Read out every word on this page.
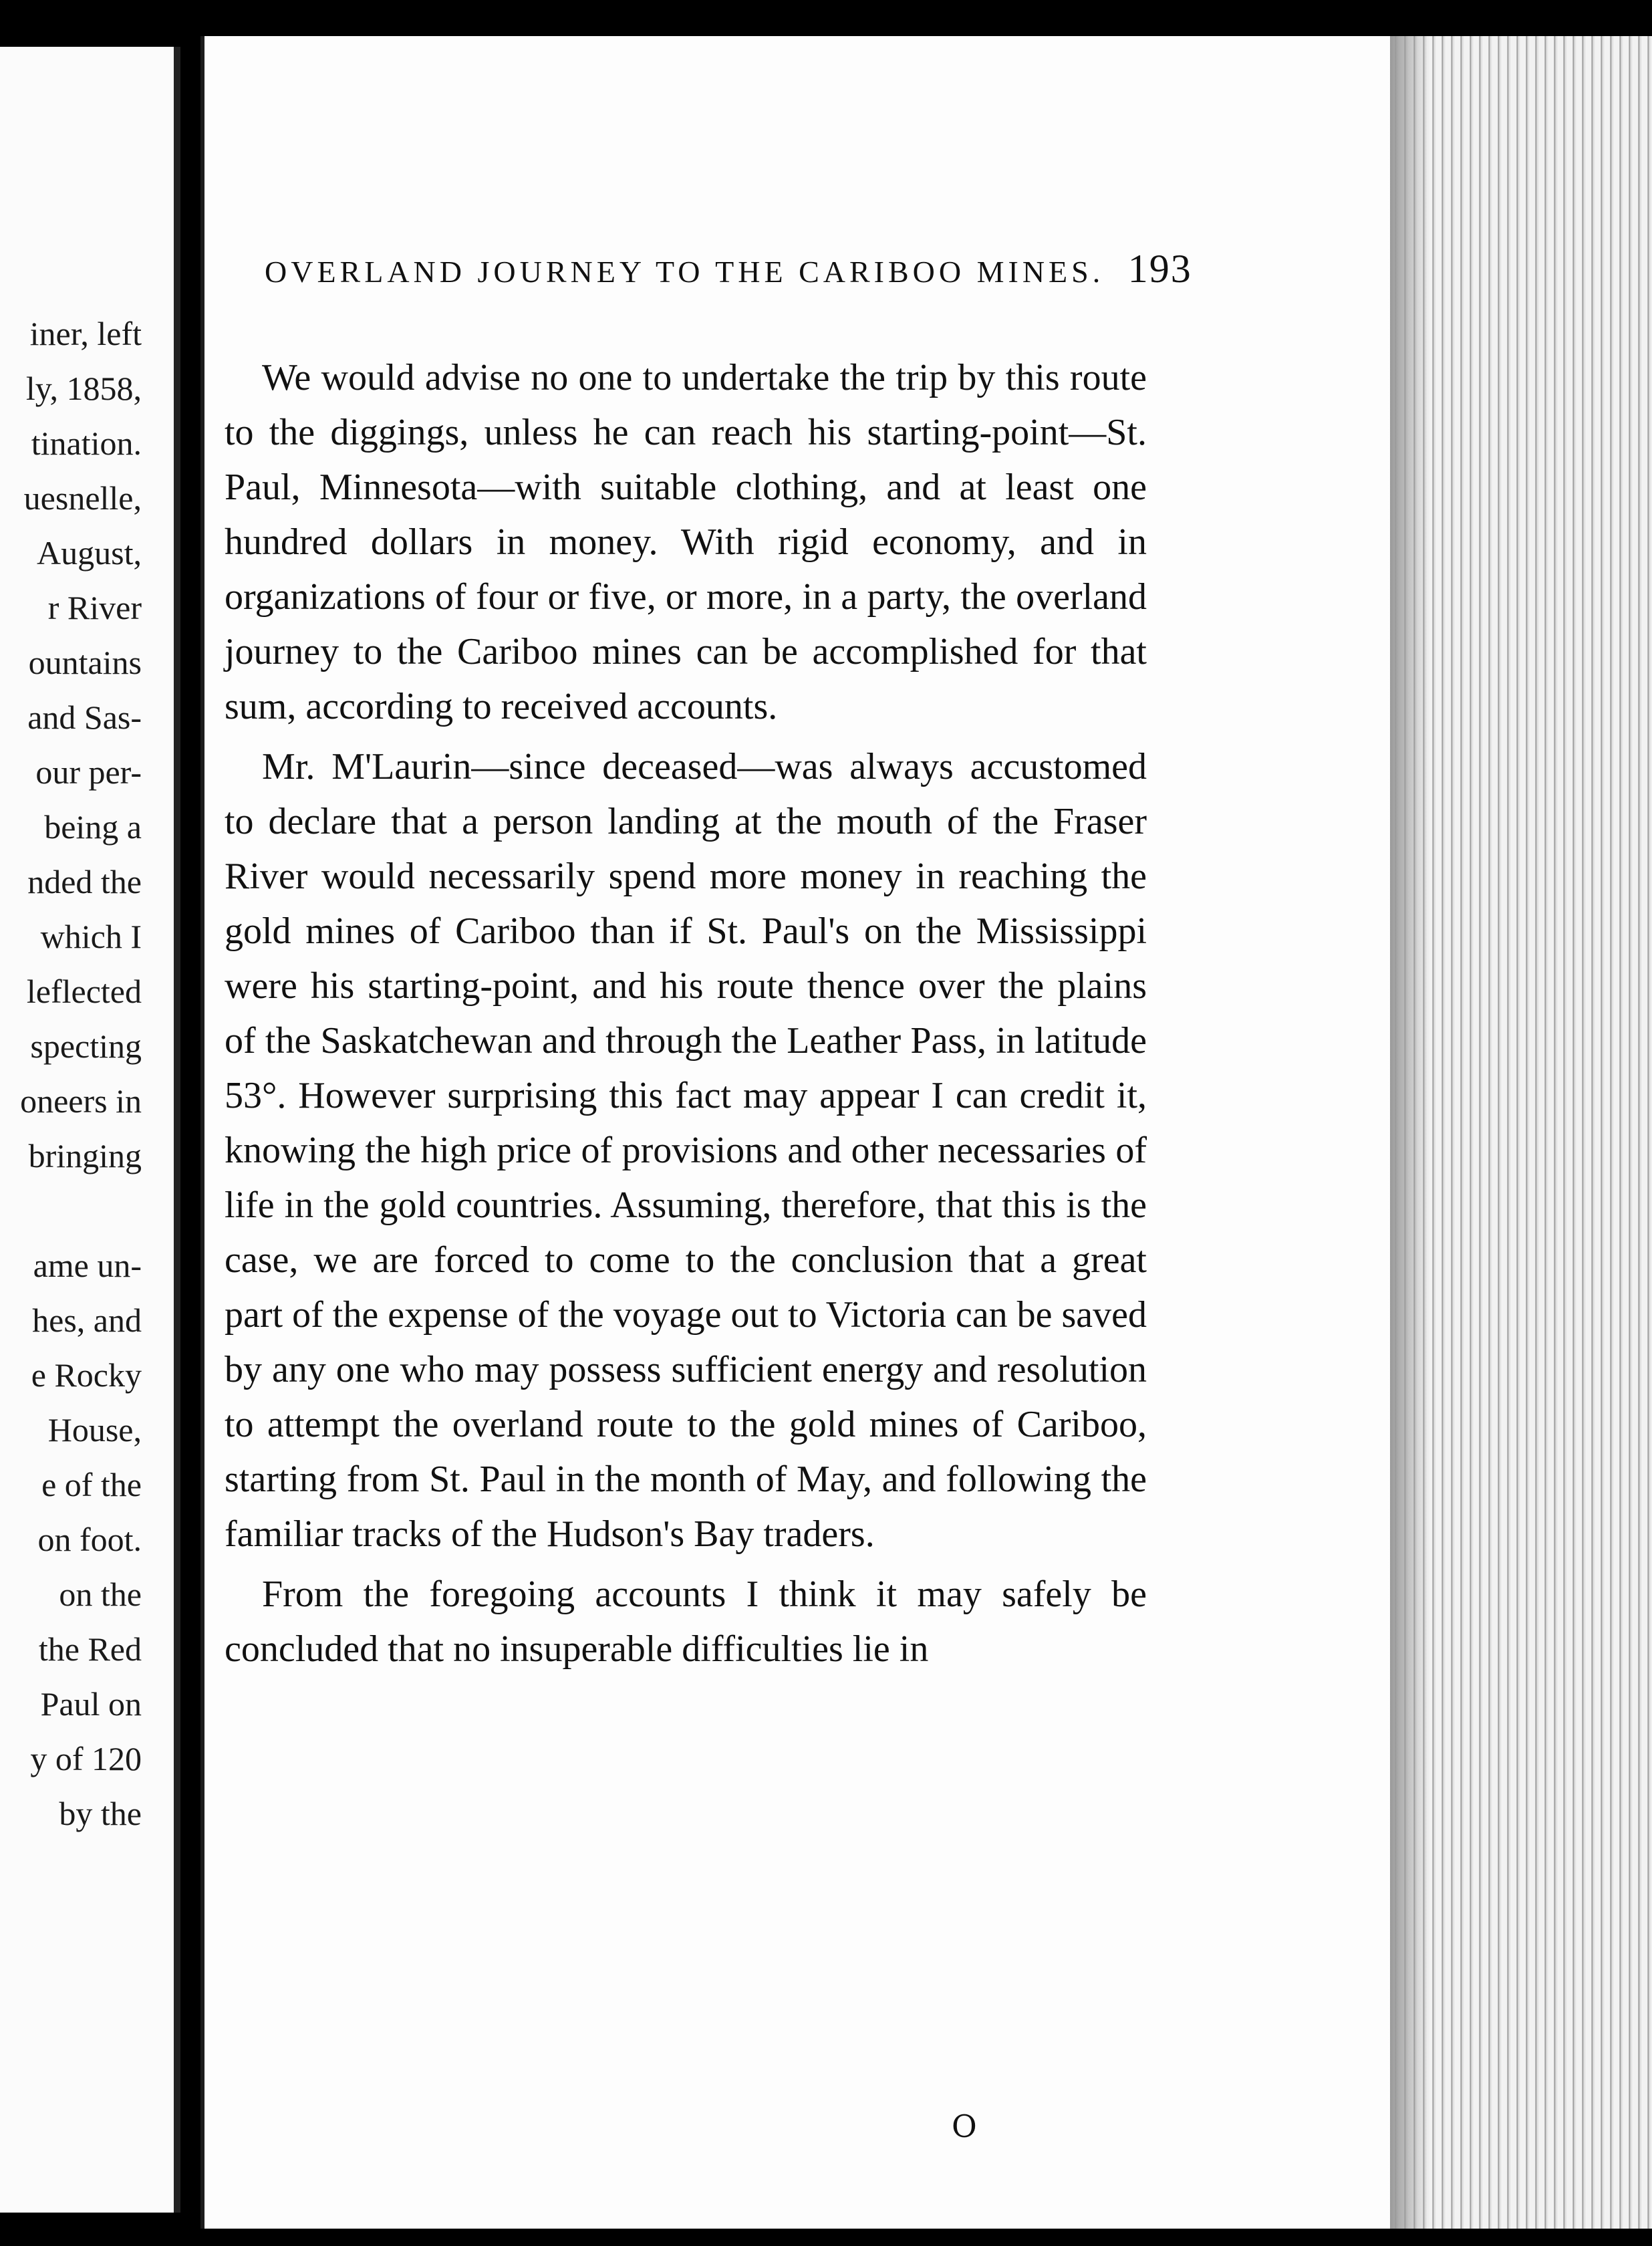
iner, left
ly, 1858,
tination.
uesnelle,
August,
r River
ountains
and Sas-
our per-
being a
nded the
which I
leflected
specting
oneers in
bringing
ame un-
hes, and
e Rocky
House,
e of the
on foot.
on the
the Red
Paul on
y of 120
by the
OVERLAND JOURNEY TO THE CARIBOO MINES. 193

We would advise no one to undertake the trip by this route to the diggings, unless he can reach his starting-point—St. Paul, Minnesota—with suitable clothing, and at least one hundred dollars in money. With rigid economy, and in organizations of four or five, or more, in a party, the overland journey to the Cariboo mines can be accomplished for that sum, according to received accounts.

Mr. M'Laurin—since deceased—was always accustomed to declare that a person landing at the mouth of the Fraser River would necessarily spend more money in reaching the gold mines of Cariboo than if St. Paul's on the Mississippi were his starting-point, and his route thence over the plains of the Saskatchewan and through the Leather Pass, in latitude 53°. However surprising this fact may appear I can credit it, knowing the high price of provisions and other necessaries of life in the gold countries. Assuming, therefore, that this is the case, we are forced to come to the conclusion that a great part of the expense of the voyage out to Victoria can be saved by any one who may possess sufficient energy and resolution to attempt the overland route to the gold mines of Cariboo, starting from St. Paul in the month of May, and following the familiar tracks of the Hudson's Bay traders.

From the foregoing accounts I think it may safely be concluded that no insuperable difficulties lie in

O
